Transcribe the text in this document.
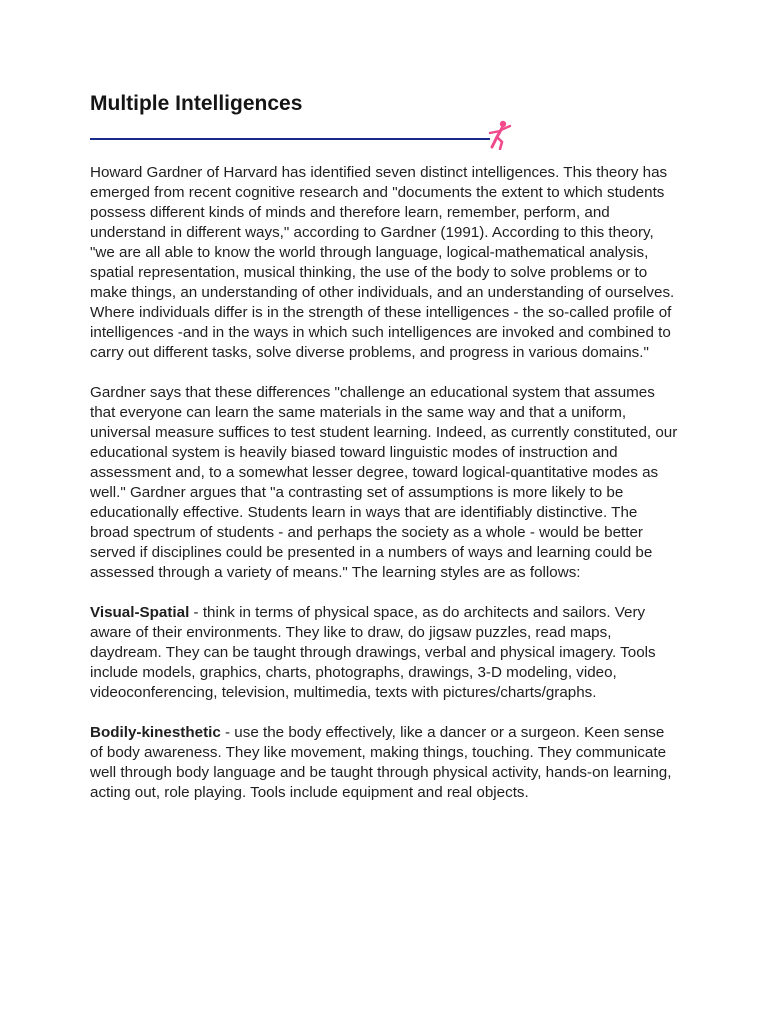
Multiple Intelligences

Howard Gardner of Harvard has identified seven distinct intelligences. This theory has emerged from recent cognitive research and "documents the extent to which students possess different kinds of minds and therefore learn, remember, perform, and understand in different ways," according to Gardner (1991). According to this theory, "we are all able to know the world through language, logical-mathematical analysis, spatial representation, musical thinking, the use of the body to solve problems or to make things, an understanding of other individuals, and an understanding of ourselves. Where individuals differ is in the strength of these intelligences - the so-called profile of intelligences -and in the ways in which such intelligences are invoked and combined to carry out different tasks, solve diverse problems, and progress in various domains."

Gardner says that these differences "challenge an educational system that assumes that everyone can learn the same materials in the same way and that a uniform, universal measure suffices to test student learning. Indeed, as currently constituted, our educational system is heavily biased toward linguistic modes of instruction and assessment and, to a somewhat lesser degree, toward logical-quantitative modes as well." Gardner argues that "a contrasting set of assumptions is more likely to be educationally effective. Students learn in ways that are identifiably distinctive. The broad spectrum of students - and perhaps the society as a whole - would be better served if disciplines could be presented in a numbers of ways and learning could be assessed through a variety of means." The learning styles are as follows:

Visual-Spatial - think in terms of physical space, as do architects and sailors. Very aware of their environments. They like to draw, do jigsaw puzzles, read maps, daydream. They can be taught through drawings, verbal and physical imagery. Tools include models, graphics, charts, photographs, drawings, 3-D modeling, video, videoconferencing, television, multimedia, texts with pictures/charts/graphs.

Bodily-kinesthetic - use the body effectively, like a dancer or a surgeon. Keen sense of body awareness. They like movement, making things, touching. They communicate well through body language and be taught through physical activity, hands-on learning, acting out, role playing. Tools include equipment and real objects.
